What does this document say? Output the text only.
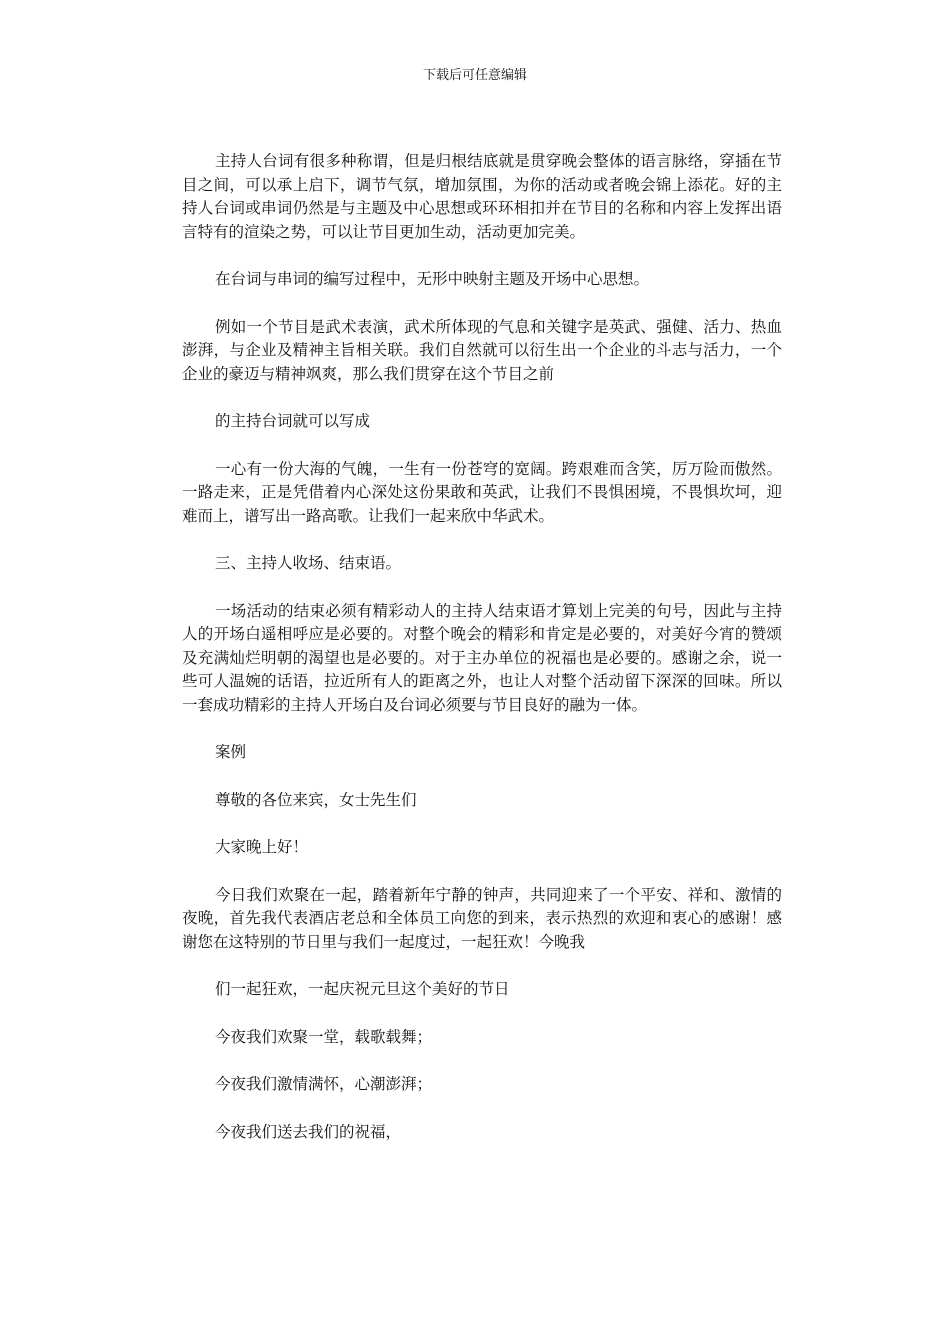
下载后可任意编辑

主持人台词有很多种称谓，但是归根结底就是贯穿晚会整体的语言脉络，穿插在节目之间，可以承上启下，调节气氛，增加氛围，为你的活动或者晚会锦上添花。好的主持人台词或串词仍然是与主题及中心思想或环环相扣并在节目的名称和内容上发挥出语言特有的渲染之势，可以让节目更加生动，活动更加完美。

在台词与串词的编写过程中，无形中映射主题及开场中心思想。

例如一个节目是武术表演，武术所体现的气息和关键字是英武、强健、活力、热血澎湃，与企业及精神主旨相关联。我们自然就可以衍生出一个企业的斗志与活力，一个企业的豪迈与精神飒爽，那么我们贯穿在这个节目之前

的主持台词就可以写成

一心有一份大海的气魄，一生有一份苍穹的宽阔。跨艰难而含笑，厉万险而傲然。一路走来，正是凭借着内心深处这份果敢和英武，让我们不畏惧困境，不畏惧坎坷，迎难而上，谱写出一路高歌。让我们一起来欣中华武术。

三、主持人收场、结束语。

一场活动的结束必须有精彩动人的主持人结束语才算划上完美的句号，因此与主持人的开场白遥相呼应是必要的。对整个晚会的精彩和肯定是必要的，对美好今宵的赞颂及充满灿烂明朝的渴望也是必要的。对于主办单位的祝福也是必要的。感谢之余，说一些可人温婉的话语，拉近所有人的距离之外，也让人对整个活动留下深深的回味。所以一套成功精彩的主持人开场白及台词必须要与节目良好的融为一体。

案例

尊敬的各位来宾，女士先生们

大家晚上好！

今日我们欢聚在一起，踏着新年宁静的钟声，共同迎来了一个平安、祥和、激情的夜晚，首先我代表酒店老总和全体员工向您的到来，表示热烈的欢迎和衷心的感谢！感谢您在这特别的节日里与我们一起度过，一起狂欢！今晚我

们一起狂欢，一起庆祝元旦这个美好的节日

今夜我们欢聚一堂，载歌载舞；

今夜我们激情满怀，心潮澎湃；

今夜我们送去我们的祝福，
